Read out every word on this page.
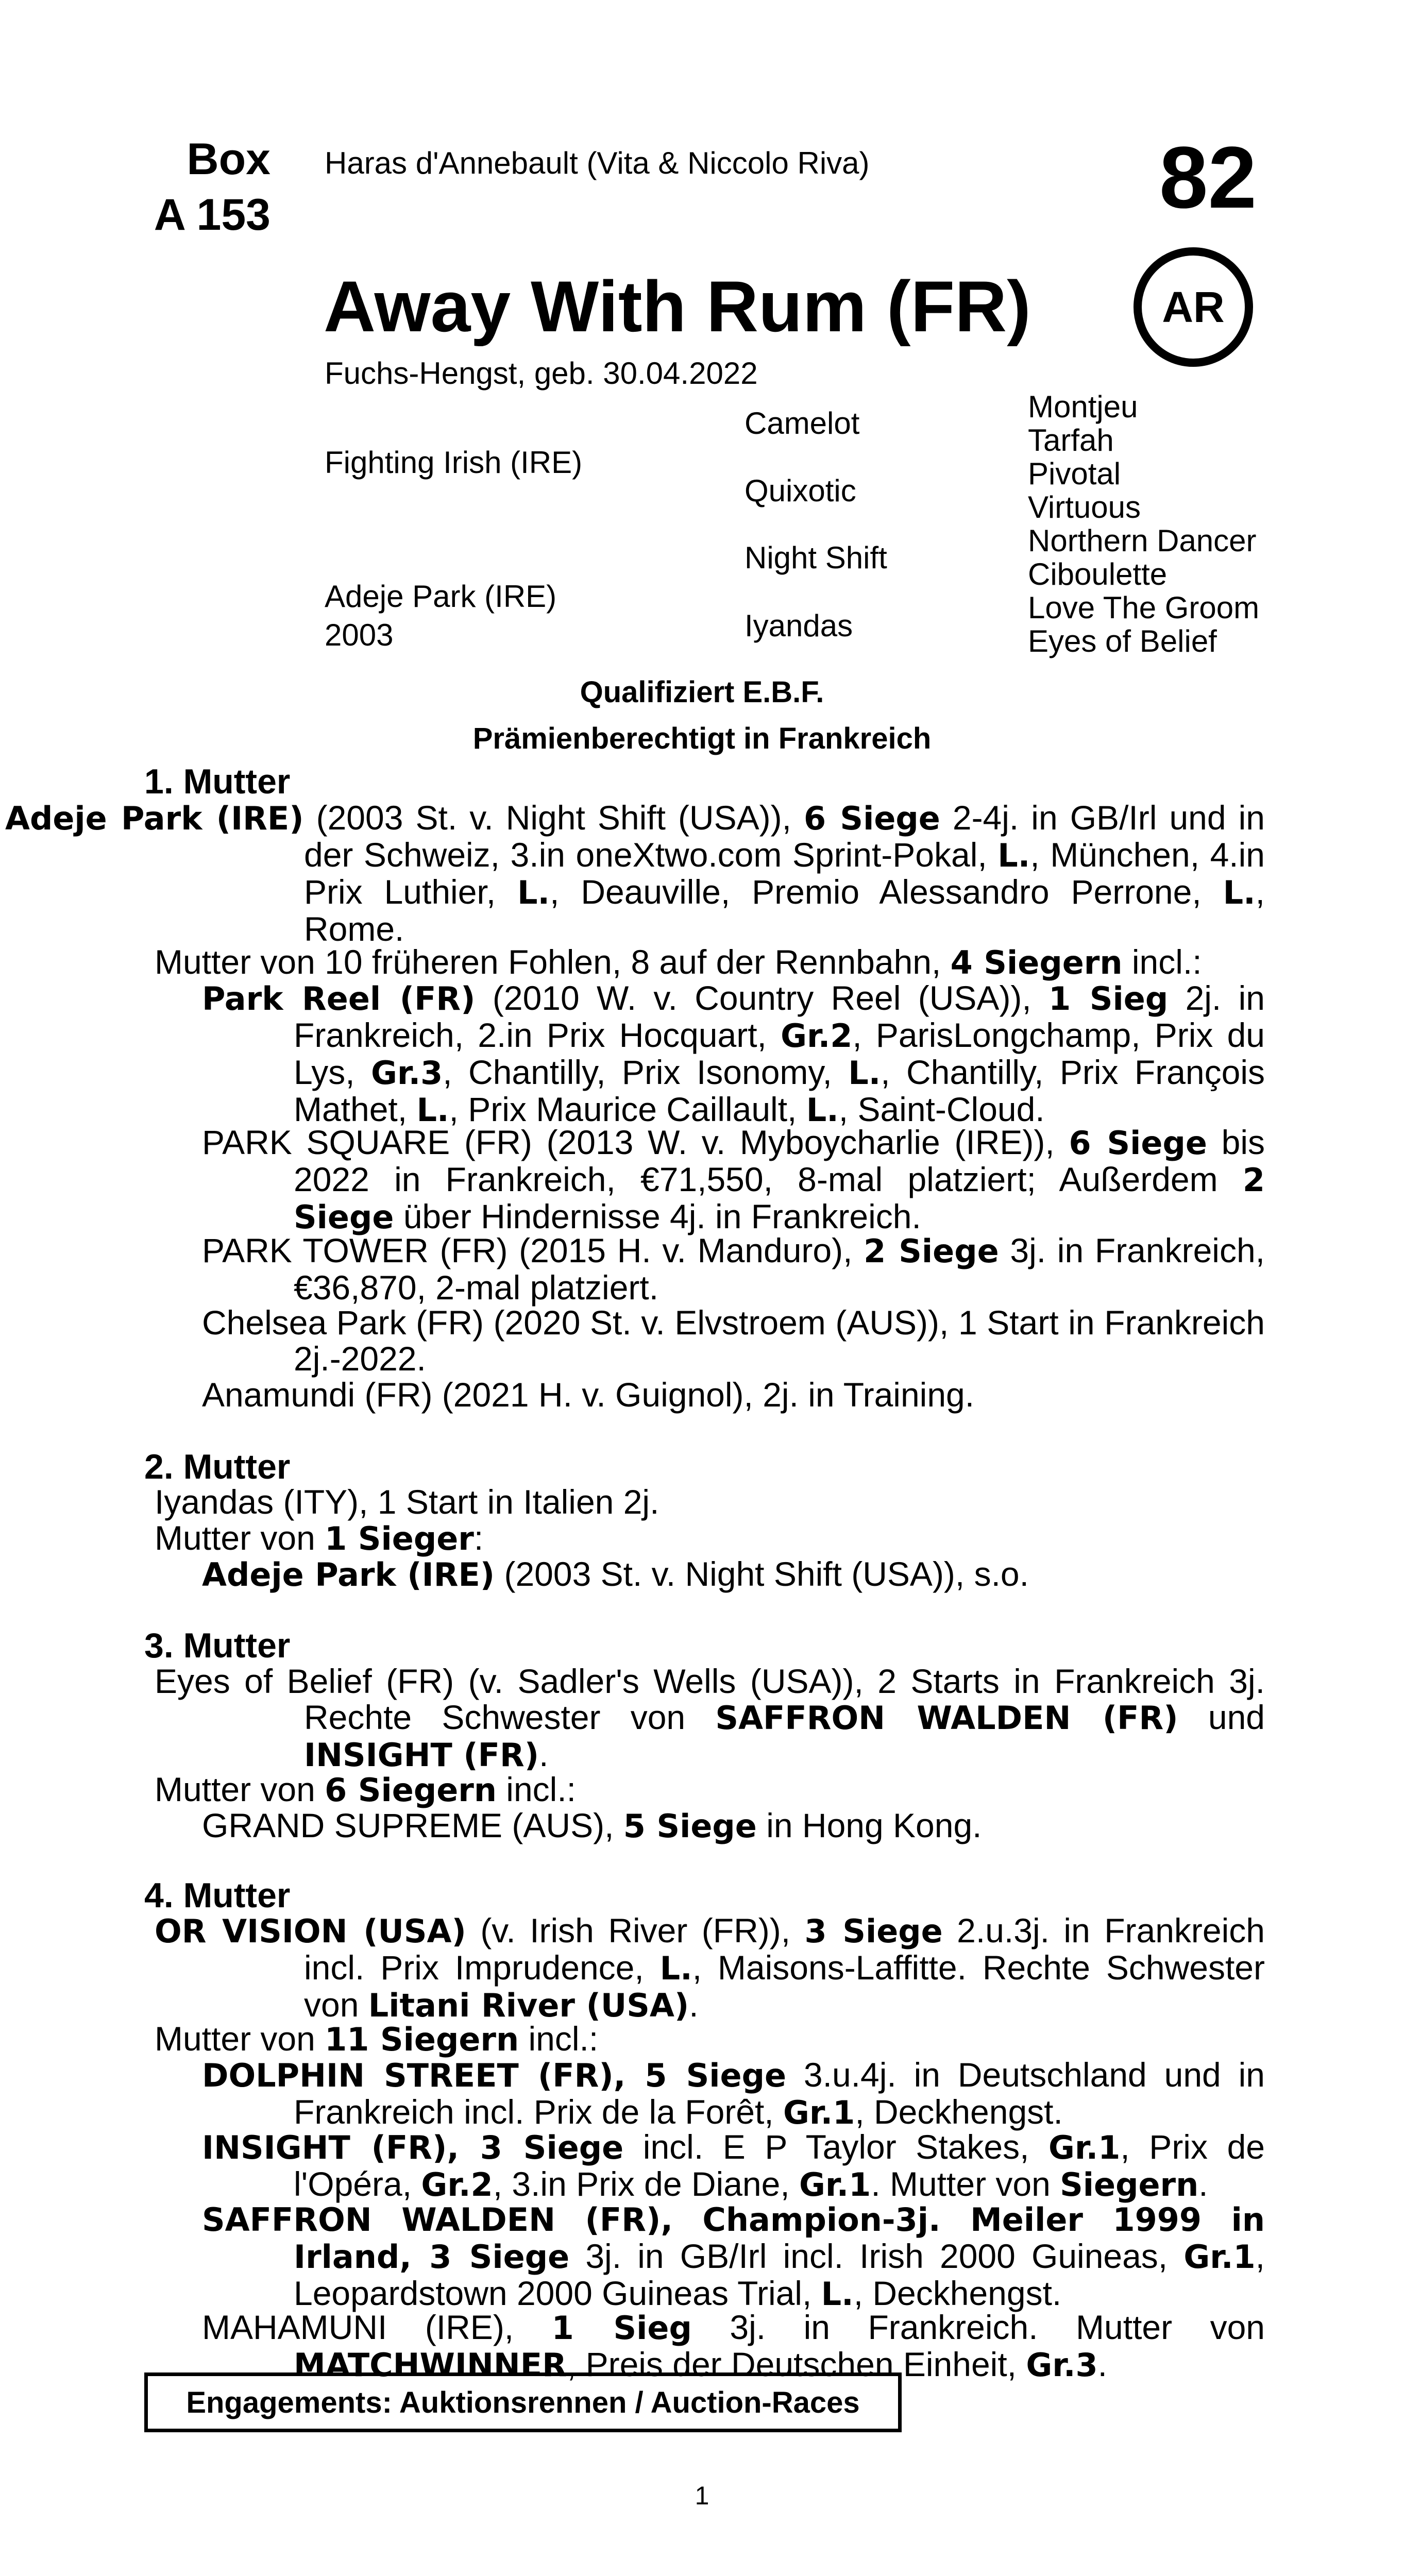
Box
A 153
Haras d'Annebault (Vita & Niccolo Riva)	82
Away With Rum (FR)	AR
Fuchs-Hengst, geb. 30.04.2022
Fighting Irish (IRE)
Adeje Park (IRE)
2003
Camelot
Quixotic
Night Shift
Iyandas
Montjeu
Tarfah
Pivotal
Virtuous
Northern Dancer
Ciboulette
Love The Groom
Eyes of Belief
Qualifiziert E.B.F.
Prämienberechtigt in Frankreich
1. Mutter
Adeje Park (IRE) (2003 St. v. Night Shift (USA)), 6 Siege 2-4j. in GB/Irl und in der Schweiz, 3.in oneXtwo.com Sprint-Pokal, L., München, 4.in Prix Luthier, L., Deauville, Premio Alessandro Perrone, L., Rome.
Mutter von 10 früheren Fohlen, 8 auf der Rennbahn, 4 Siegern incl.:
Park Reel (FR) (2010 W. v. Country Reel (USA)), 1 Sieg 2j. in Frankreich, 2.in Prix Hocquart, Gr.2, ParisLongchamp, Prix du Lys, Gr.3, Chantilly, Prix Isonomy, L., Chantilly, Prix François Mathet, L., Prix Maurice Caillault, L., Saint-Cloud.
PARK SQUARE (FR) (2013 W. v. Myboycharlie (IRE)), 6 Siege bis 2022 in Frankreich, €71,550, 8-mal platziert; Außerdem 2 Siege über Hindernisse 4j. in Frankreich.
PARK TOWER (FR) (2015 H. v. Manduro), 2 Siege 3j. in Frankreich, €36,870, 2-mal platziert.
Chelsea Park (FR) (2020 St. v. Elvstroem (AUS)), 1 Start in Frankreich 2j.-2022.
Anamundi (FR) (2021 H. v. Guignol), 2j. in Training.
2. Mutter
Iyandas (ITY), 1 Start in Italien 2j.
Mutter von 1 Sieger:
Adeje Park (IRE) (2003 St. v. Night Shift (USA)), s.o.
3. Mutter
Eyes of Belief (FR) (v. Sadler's Wells (USA)), 2 Starts in Frankreich 3j. Rechte Schwester von SAFFRON WALDEN (FR) und INSIGHT (FR).
Mutter von 6 Siegern incl.:
GRAND SUPREME (AUS), 5 Siege in Hong Kong.
4. Mutter
OR VISION (USA) (v. Irish River (FR)), 3 Siege 2.u.3j. in Frankreich incl. Prix Imprudence, L., Maisons-Laffitte. Rechte Schwester von Litani River (USA).
Mutter von 11 Siegern incl.:
DOLPHIN STREET (FR), 5 Siege 3.u.4j. in Deutschland und in Frankreich incl. Prix de la Forêt, Gr.1, Deckhengst.
INSIGHT (FR), 3 Siege incl. E P Taylor Stakes, Gr.1, Prix de l'Opéra, Gr.2, 3.in Prix de Diane, Gr.1. Mutter von Siegern.
SAFFRON WALDEN (FR), Champion-3j. Meiler 1999 in Irland, 3 Siege 3j. in GB/Irl incl. Irish 2000 Guineas, Gr.1, Leopardstown 2000 Guineas Trial, L., Deckhengst.
MAHAMUNI (IRE), 1 Sieg 3j. in Frankreich. Mutter von MATCHWINNER, Preis der Deutschen Einheit, Gr.3.
Engagements: Auktionsrennen / Auction-Races
1
